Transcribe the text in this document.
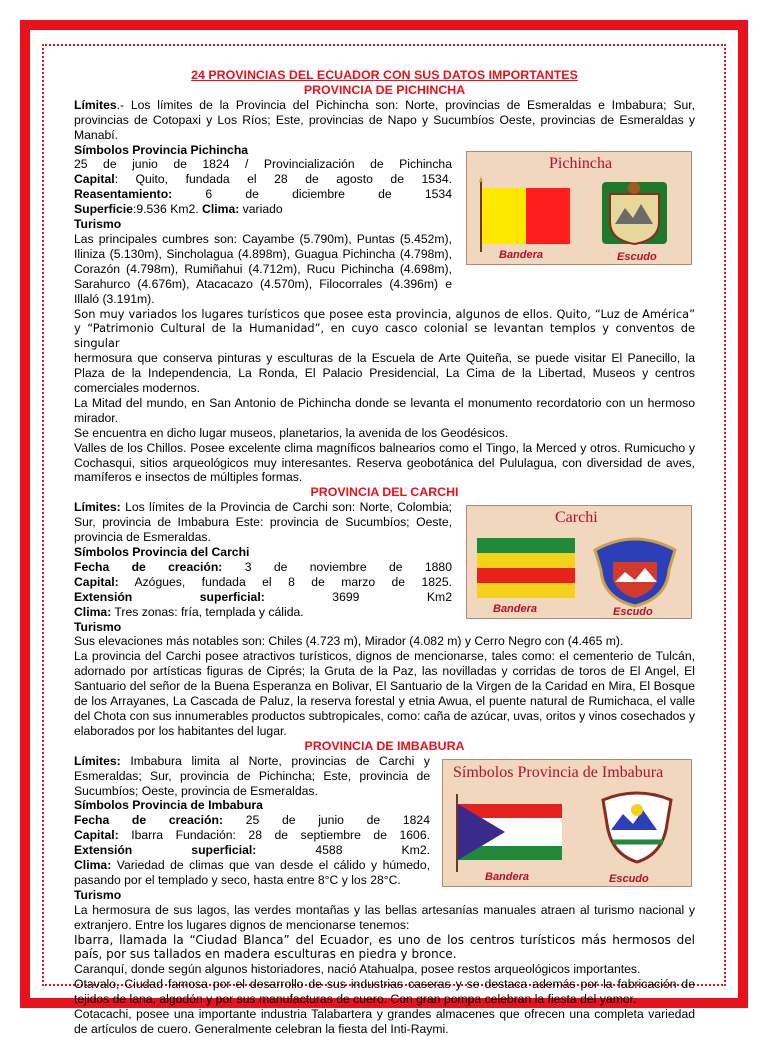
24 PROVINCIAS DEL ECUADOR CON SUS DATOS IMPORTANTES

PROVINCIA DE PICHINCHA

Límites.- Los límites de la Provincia del Pichincha son: Norte, provincias de Esmeraldas e Imbabura; Sur, provincias de Cotopaxi y Los Ríos; Este, provincias de Napo y Sucumbíos Oeste, provincias de Esmeraldas y Manabí.

Símbolos Provincia Pichincha

25 de junio de 1824 / Provincialización de Pichincha

Capital: Quito, fundada el 28 de agosto de 1534.

Reasentamiento: 6 de diciembre de 1534

Superficie:9.536 Km2. Clima: variado

Turismo

Las principales cumbres son: Cayambe (5.790m), Puntas (5.452m), Iliniza (5.130m), Sincholagua (4.898m), Guagua Pichincha (4.798m), Corazón (4.798m), Rumiñahui (4.712m), Rucu Pichincha (4.698m), Sarahurco (4.676m), Atacacazo (4.570m), Filocorrales (4.396m) e Illaló (3.191m).

Son muy variados los lugares turísticos que posee esta provincia, algunos de ellos. Quito, “Luz de América” y “Patrimonio Cultural de la Humanidad”, en cuyo casco colonial se levantan templos y conventos de singular

hermosura que conserva pinturas y esculturas de la Escuela de Arte Quiteña, se puede visitar El Panecillo, la Plaza de la Independencia, La Ronda, El Palacio Presidencial, La Cima de la Libertad, Museos y centros comerciales modernos.

La Mitad del mundo, en San Antonio de Pichincha donde se levanta el monumento recordatorio con un hermoso mirador.

Se encuentra en dicho lugar museos, planetarios, la avenida de los Geodésicos.

Valles de los Chillos. Posee excelente clima magníficos balnearios como el Tingo, la Merced y otros. Rumicucho y Cochasqui, sitios arqueológicos muy interesantes. Reserva geobotánica del Pululagua, con diversidad de aves, mamíferos e insectos de múltiples formas.

Pichincha
Bandera	Escudo

PROVINCIA DEL CARCHI

Límites: Los límites de la Provincia de Carchi son: Norte, Colombia; Sur, provincia de Imbabura Este: provincia de Sucumbíos; Oeste, provincia de Esmeraldas.

Símbolos Provincia del Carchi

Fecha de creación: 3 de noviembre de 1880

Capital: Azógues, fundada el 8 de marzo de 1825.

Extensión superficial: 3699 Km2

Clima: Tres zonas: fría, templada y cálida.

Turismo

Sus elevaciones más notables son: Chiles (4.723 m), Mirador (4.082 m) y Cerro Negro con (4.465 m).

La provincia del Carchi posee atractivos turísticos, dignos de mencionarse, tales como: el cementerio de Tulcán, adornado por artísticas figuras de Ciprés; la Gruta de la Paz, las novilladas y corridas de toros de El Angel, El Santuario del señor de la Buena Esperanza en Bolivar, El Santuario de la Virgen de la Caridad en Mira, El Bosque de los Arrayanes, La Cascada de Paluz, la reserva forestal y etnia Awua, el puente natural de Rumichaca, el valle del Chota con sus innumerables productos subtropicales, como: caña de azúcar, uvas, oritos y vinos cosechados y elaborados por los habitantes del lugar.

Carchi
Bandera	Escudo

PROVINCIA DE IMBABURA

Límites: Imbabura limita al Norte, provincias de Carchi y Esmeraldas; Sur, provincia de Pichincha; Este, provincia de Sucumbíos; Oeste, provincia de Esmeraldas.

Símbolos Provincia de Imbabura

Fecha de creación: 25 de junio de 1824

Capital: Ibarra Fundación: 28 de septiembre de 1606.

Extensión superficial: 4588 Km2.

Clima: Variedad de climas que van desde el cálido y húmedo, pasando por el templado y seco, hasta entre 8°C y los 28°C.

Turismo

La hermosura de sus lagos, las verdes montañas y las bellas artesanías manuales atraen al turismo nacional y extranjero. Entre los lugares dignos de mencionarse tenemos:

Ibarra, llamada la “Ciudad Blanca” del Ecuador, es uno de los centros turísticos más hermosos del país, por sus tallados en madera esculturas en piedra y bronce.

Caranquí, donde según algunos historiadores, nació Atahualpa, posee restos arqueológicos importantes.

Otavalo, Ciudad famosa por el desarrollo de sus industrias caseras y se destaca además por la fabricación de tejidos de lana, algodón y por sus manufacturas de cuero. Con gran pompa celebran la fiesta del yamor.

Cotacachi, posee una importante industria Talabartera y grandes almacenes que ofrecen una completa variedad de artículos de cuero. Generalmente celebran la fiesta del Inti-Raymi.

Símbolos Provincia de Imbabura
Bandera	Escudo
